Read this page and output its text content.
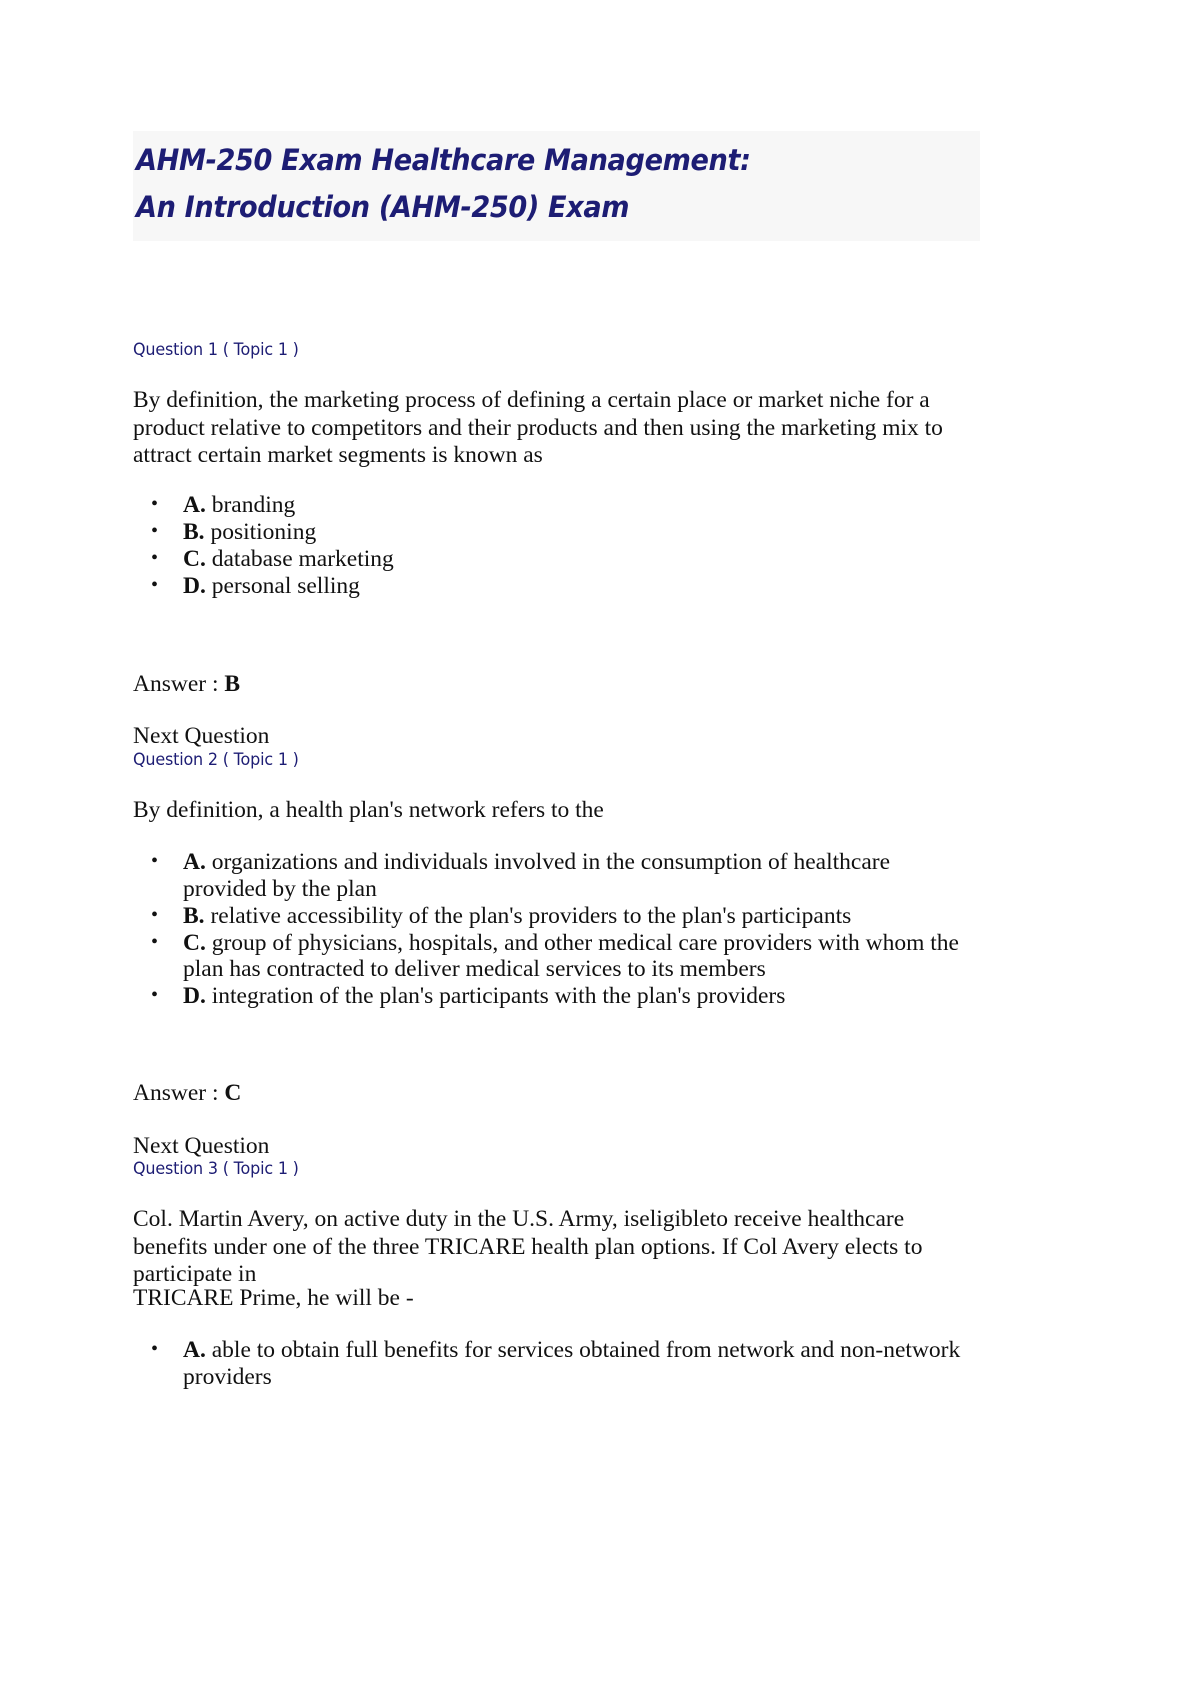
AHM-250 Exam Healthcare Management: An Introduction (AHM-250) Exam
Question 1 ( Topic 1 )
By definition, the marketing process of defining a certain place or market niche for a product relative to competitors and their products and then using the marketing mix to attract certain market segments is known as
• A. branding
• B. positioning
• C. database marketing
• D. personal selling
Answer : B
Next Question
Question 2 ( Topic 1 )
By definition, a health plan's network refers to the
• A. organizations and individuals involved in the consumption of healthcare provided by the plan
• B. relative accessibility of the plan's providers to the plan's participants
• C. group of physicians, hospitals, and other medical care providers with whom the plan has contracted to deliver medical services to its members
• D. integration of the plan's participants with the plan's providers
Answer : C
Next Question
Question 3 ( Topic 1 )
Col. Martin Avery, on active duty in the U.S. Army, iseligibleto receive healthcare benefits under one of the three TRICARE health plan options. If Col Avery elects to participate in
TRICARE Prime, he will be -
• A. able to obtain full benefits for services obtained from network and non-network providers
